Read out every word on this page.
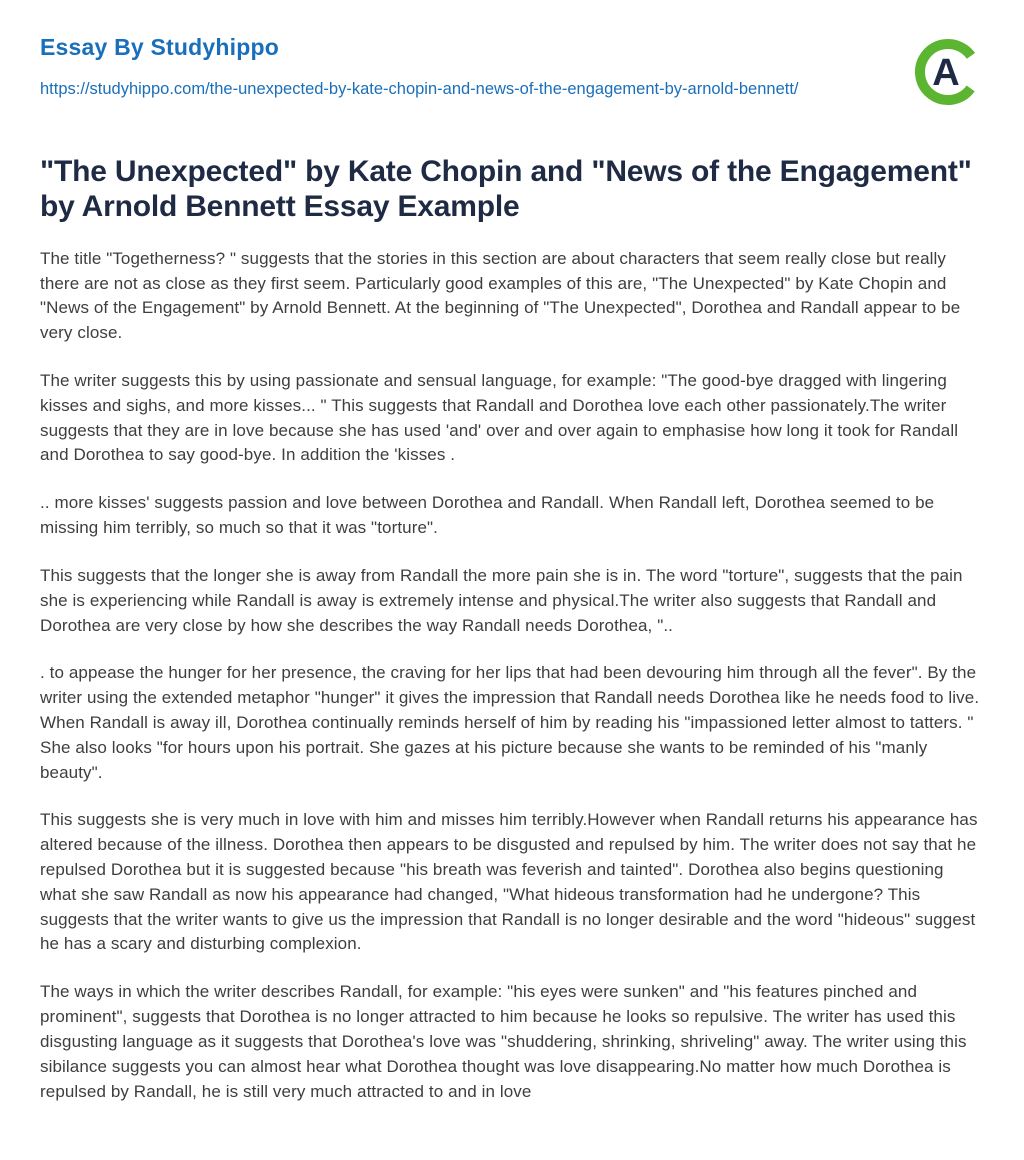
Essay By Studyhippo
https://studyhippo.com/the-unexpected-by-kate-chopin-and-news-of-the-engagement-by-arnold-bennett/	A
"The Unexpected" by Kate Chopin and "News of the Engagement" by Arnold Bennett Essay Example

The title "Togetherness? " suggests that the stories in this section are about characters that seem really close but really there are not as close as they first seem. Particularly good examples of this are, "The Unexpected" by Kate Chopin and "News of the Engagement" by Arnold Bennett. At the beginning of "The Unexpected", Dorothea and Randall appear to be very close.

The writer suggests this by using passionate and sensual language, for example: "The good-bye dragged with lingering kisses and sighs, and more kisses... " This suggests that Randall and Dorothea love each other passionately.The writer suggests that they are in love because she has used 'and' over and over again to emphasise how long it took for Randall and Dorothea to say good-bye. In addition the 'kisses .

.. more kisses' suggests passion and love between Dorothea and Randall. When Randall left, Dorothea seemed to be missing him terribly, so much so that it was "torture".

This suggests that the longer she is away from Randall the more pain she is in. The word "torture", suggests that the pain she is experiencing while Randall is away is extremely intense and physical.The writer also suggests that Randall and Dorothea are very close by how she describes the way Randall needs Dorothea, "..

. to appease the hunger for her presence, the craving for her lips that had been devouring him through all the fever". By the writer using the extended metaphor "hunger" it gives the impression that Randall needs Dorothea like he needs food to live. When Randall is away ill, Dorothea continually reminds herself of him by reading his "impassioned letter almost to tatters. " She also looks "for hours upon his portrait. She gazes at his picture because she wants to be reminded of his "manly beauty".

This suggests she is very much in love with him and misses him terribly.However when Randall returns his appearance has altered because of the illness. Dorothea then appears to be disgusted and repulsed by him. The writer does not say that he repulsed Dorothea but it is suggested because "his breath was feverish and tainted". Dorothea also begins questioning what she saw Randall as now his appearance had changed, "What hideous transformation had he undergone? This suggests that the writer wants to give us the impression that Randall is no longer desirable and the word "hideous" suggest he has a scary and disturbing complexion.

The ways in which the writer describes Randall, for example: "his eyes were sunken" and "his features pinched and prominent", suggests that Dorothea is no longer attracted to him because he looks so repulsive. The writer has used this disgusting language as it suggests that Dorothea's love was "shuddering, shrinking, shriveling" away. The writer using this sibilance suggests you can almost hear what Dorothea thought was love disappearing.No matter how much Dorothea is repulsed by Randall, he is still very much attracted to and in love
